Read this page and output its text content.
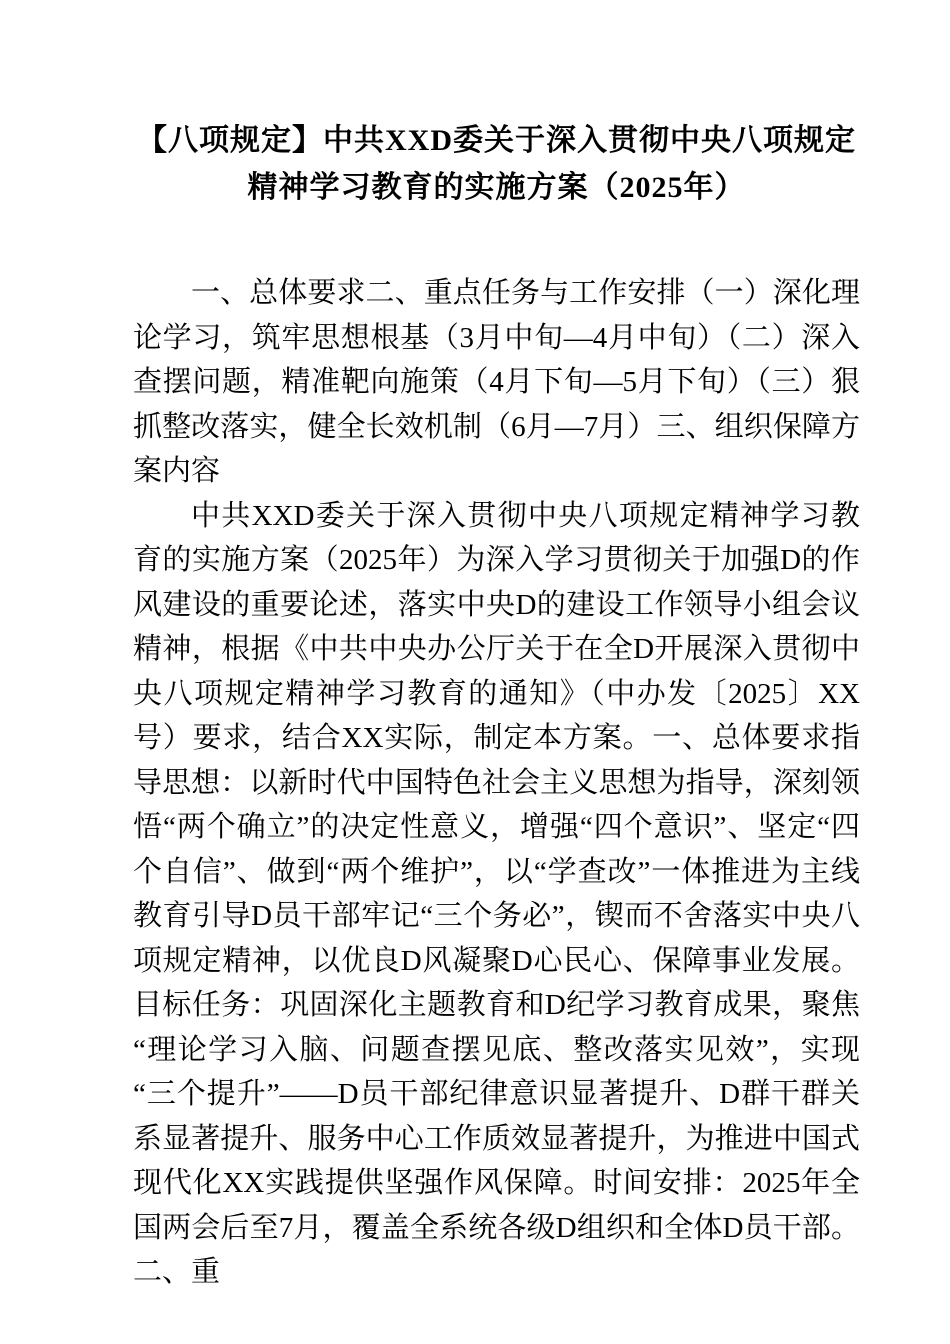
【八项规定】中共XXD委关于深入贯彻中央八项规定
精神学习教育的实施方案（2025年）

一、总体要求二、重点任务与工作安排（一）深化理论学习，筑牢思想根基（3月中旬—4月中旬）（二）深入查摆问题，精准靶向施策（4月下旬—5月下旬）（三）狠抓整改落实，健全长效机制（6月—7月）三、组织保障方案内容

中共XXD委关于深入贯彻中央八项规定精神学习教育的实施方案（2025年）为深入学习贯彻关于加强D的作风建设的重要论述，落实中央D的建设工作领导小组会议精神，根据《中共中央办公厅关于在全D开展深入贯彻中央八项规定精神学习教育的通知》（中办发〔2025〕XX号）要求，结合XX实际，制定本方案。一、总体要求指导思想：以新时代中国特色社会主义思想为指导，深刻领悟“两个确立”的决定性意义，增强“四个意识”、坚定“四个自信”、做到“两个维护”，以“学查改”一体推进为主线教育引导D员干部牢记“三个务必”，锲而不舍落实中央八项规定精神，以优良D风凝聚D心民心、保障事业发展。目标任务：巩固深化主题教育和D纪学习教育成果，聚焦“理论学习入脑、问题查摆见底、整改落实见效”，实现“三个提升”——D员干部纪律意识显著提升、D群干群关系显著提升、服务中心工作质效显著提升，为推进中国式现代化XX实践提供坚强作风保障。时间安排：2025年全国两会后至7月，覆盖全系统各级D组织和全体D员干部。二、重
